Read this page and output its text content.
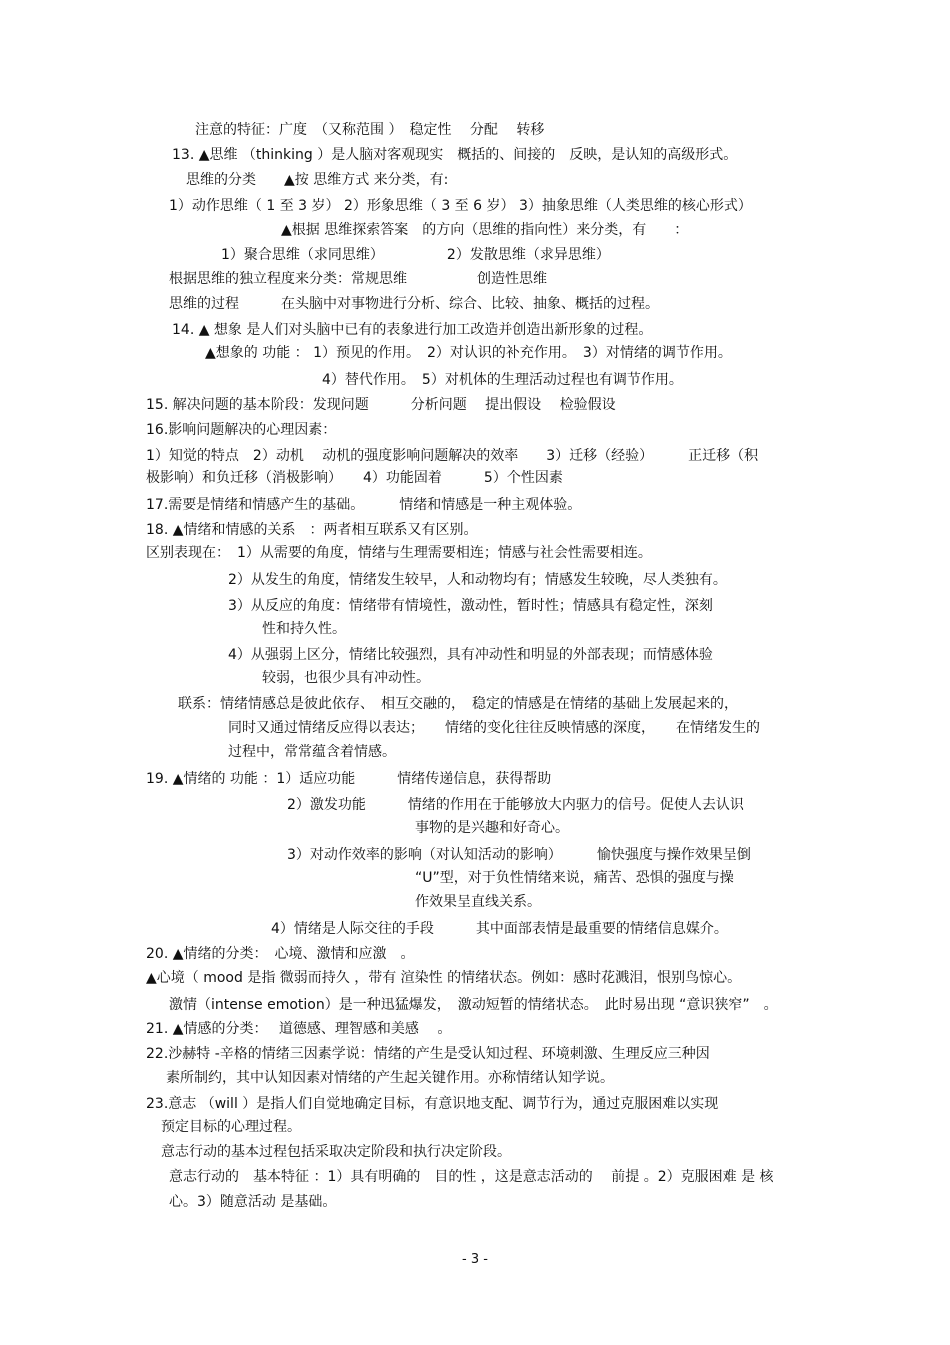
注意的特征：广度　（又称范围 ）　稳定性　 分配　 转移
13. ▲思维 （thinking ）是人脑对客观现实　概括的、间接的　反映，是认知的高级形式。
思维的分类　　▲按 思维方式 来分类，有:
1）动作思维（ 1 至 3 岁） 2）形象思维（ 3 至 6 岁） 3）抽象思维（人类思维的核心形式）
▲根据 思维探索答案　的方向（思维的指向性）来分类，有　　：
1）聚合思维（求同思维）　　　　　2）发散思维（求异思维）
根据思维的独立程度来分类：常规思维　　　　　创造性思维
思维的过程　　　在头脑中对事物进行分析、综合、比较、抽象、概括的过程。
14. ▲ 想象 是人们对头脑中已有的表象进行加工改造并创造出新形象的过程。
▲想象的 功能 ： 1）预见的作用。　2）对认识的补充作用。　3）对情绪的调节作用。
4）替代作用。　5）对机体的生理活动过程也有调节作用。
15. 解决问题的基本阶段：发现问题　　　分析问题　 提出假设　 检验假设
16.影响问题解决的心理因素：
1）知觉的特点　2）动机　 动机的强度影响问题解决的效率　　3）迁移（经验）　　　正迁移（积
极影响）和负迁移（消极影响）　　4）功能固着　　　5）个性因素
17.需要是情绪和情感产生的基础。　　　情绪和情感是一种主观体验。
18. ▲情绪和情感的关系　：两者相互联系又有区别。
区别表现在：　1）从需要的角度，情绪与生理需要相连；情感与社会性需要相连。
2）从发生的角度，情绪发生较早，人和动物均有；情感发生较晚，尽人类独有。
3）从反应的角度：情绪带有情境性，激动性，暂时性；情感具有稳定性，深刻
性和持久性。
4）从强弱上区分，情绪比较强烈，具有冲动性和明显的外部表现；而情感体验
较弱，也很少具有冲动性。
联系：情绪情感总是彼此依存、　相互交融的，　稳定的情感是在情绪的基础上发展起来的，
同时又通过情绪反应得以表达；　　情绪的变化往往反映情感的深度，　　在情绪发生的
过程中，常常蕴含着情感。
19. ▲情绪的 功能 ：1）适应功能　　　情绪传递信息，获得帮助
2）激发功能　　　情绪的作用在于能够放大内驱力的信号。促使人去认识
事物的是兴趣和好奇心。
3）对动作效率的影响（对认知活动的影响）　　　愉快强度与操作效果呈倒
“U”型，对于负性情绪来说，痛苦、恐惧的强度与操
作效果呈直线关系。
4）情绪是人际交往的手段　　　其中面部表情是最重要的情绪信息媒介。
20. ▲情绪的分类：　心境、激情和应激　。
▲心境（ mood 是指 微弱而持久 ，带有 渲染性 的情绪状态。例如：感时花溅泪，恨别鸟惊心。
激情（intense emotion）是一种迅猛爆发，　激动短暂的情绪状态。　此时易出现 “意识狭窄”　。
21. ▲情感的分类：　 道德感、理智感和美感　 。
22.沙赫特 -辛格的情绪三因素学说：情绪的产生是受认知过程、环境刺激、生理反应三种因
素所制约，其中认知因素对情绪的产生起关键作用。亦称情绪认知学说。
23.意志 （will ）是指人们自觉地确定目标，有意识地支配、调节行为，通过克服困难以实现
预定目标的心理过程。
意志行动的基本过程包括采取决定阶段和执行决定阶段。
意志行动的　基本特征 ：1）具有明确的　目的性 ，这是意志活动的　 前提 。2）克服困难 是 核
心。3）随意活动 是基础。
- 3 -
